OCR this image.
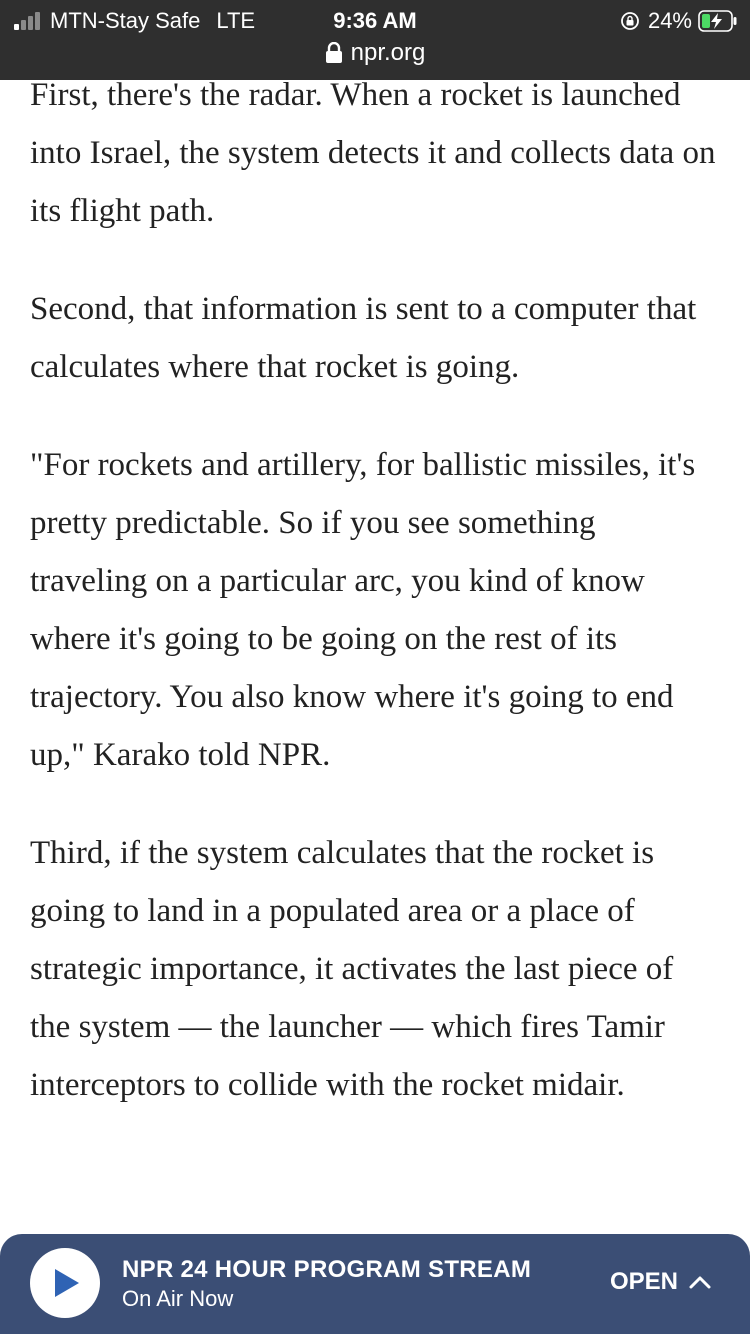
MTN-Stay Safe LTE	9:36 AM
npr.org
24%

First, there's the radar. When a rocket is launched into Israel, the system detects it and collects data on its flight path.

Second, that information is sent to a computer that calculates where that rocket is going.

"For rockets and artillery, for ballistic missiles, it's pretty predictable. So if you see something traveling on a particular arc, you kind of know where it's going to be going on the rest of its trajectory. You also know where it's going to end up," Karako told NPR.

Third, if the system calculates that the rocket is going to land in a populated area or a place of strategic importance, it activates the last piece of the system — the launcher — which fires Tamir interceptors to collide with the rocket midair.

NPR 24 HOUR PROGRAM STREAM
On Air Now
OPEN
